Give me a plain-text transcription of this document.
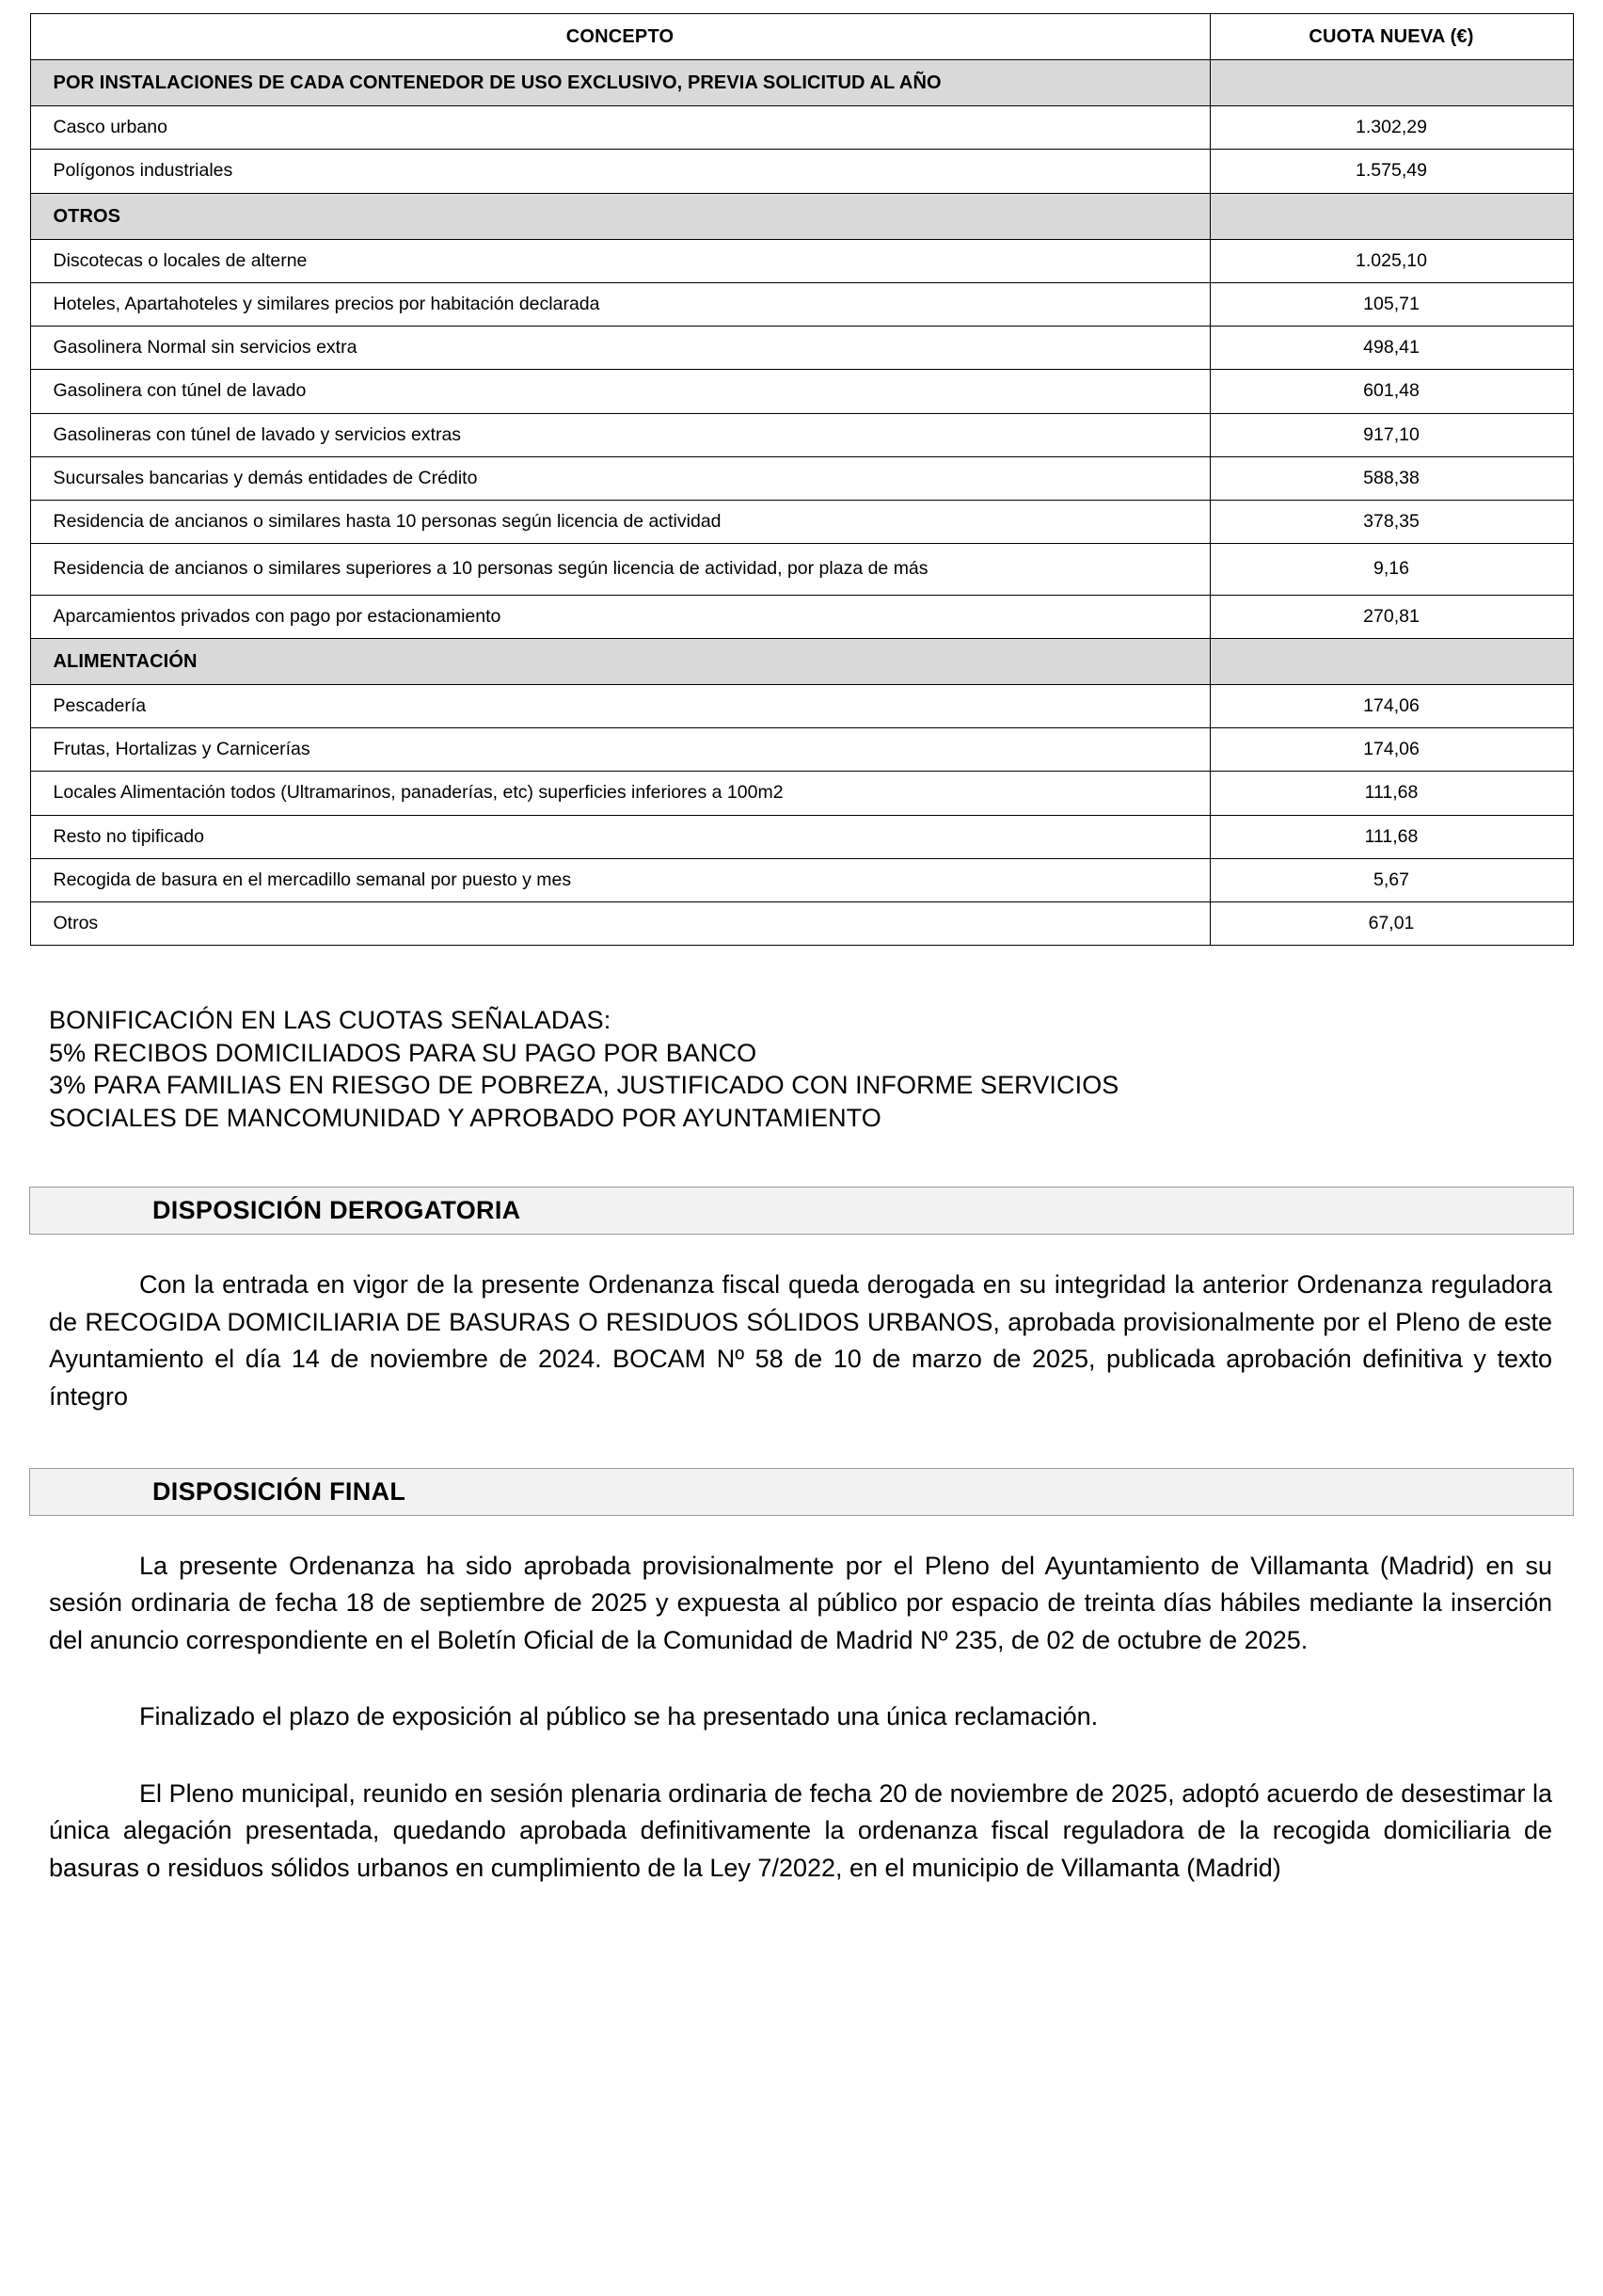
CONCEPTO	CUOTA NUEVA (€)
POR INSTALACIONES DE CADA CONTENEDOR DE USO EXCLUSIVO, PREVIA SOLICITUD AL AÑO	
Casco urbano	1.302,29
Polígonos industriales	1.575,49
OTROS	
Discotecas o locales de alterne	1.025,10
Hoteles, Apartahoteles y similares precios por habitación declarada	105,71
Gasolinera Normal sin servicios extra	498,41
Gasolinera con túnel de lavado	601,48
Gasolineras con túnel de lavado y servicios extras	917,10
Sucursales bancarias y demás entidades de Crédito	588,38
Residencia de ancianos o similares hasta 10 personas según licencia de actividad	378,35
Residencia de ancianos o similares superiores a 10 personas según licencia de actividad, por plaza de más	9,16
Aparcamientos privados con pago por estacionamiento	270,81
ALIMENTACIÓN	
Pescadería	174,06
Frutas, Hortalizas y Carnicerías	174,06
Locales Alimentación todos (Ultramarinos, panaderías, etc) superficies inferiores a 100m2	111,68
Resto no tipificado	111,68
Recogida de basura en el mercadillo semanal por puesto y mes	5,67
Otros	67,01
BONIFICACIÓN EN LAS CUOTAS SEÑALADAS:
5% RECIBOS DOMICILIADOS PARA SU PAGO POR BANCO
3% PARA FAMILIAS EN RIESGO DE POBREZA, JUSTIFICADO CON INFORME SERVICIOS
SOCIALES DE MANCOMUNIDAD Y APROBADO POR AYUNTAMIENTO
DISPOSICIÓN DEROGATORIA
Con la entrada en vigor de la presente Ordenanza fiscal queda derogada en su integridad la anterior Ordenanza reguladora de RECOGIDA DOMICILIARIA DE BASURAS O RESIDUOS SÓLIDOS URBANOS, aprobada provisionalmente por el Pleno de este Ayuntamiento el día 14 de noviembre de 2024. BOCAM Nº 58 de 10 de marzo de 2025, publicada aprobación definitiva y texto íntegro
DISPOSICIÓN FINAL
La presente Ordenanza ha sido aprobada provisionalmente por el Pleno del Ayuntamiento de Villamanta (Madrid) en su sesión ordinaria de fecha 18 de septiembre de 2025 y expuesta al público por espacio de treinta días hábiles mediante la inserción del anuncio correspondiente en el Boletín Oficial de la Comunidad de Madrid Nº 235, de 02 de octubre de 2025.
Finalizado el plazo de exposición al público se ha presentado una única reclamación.
El Pleno municipal, reunido en sesión plenaria ordinaria de fecha 20 de noviembre de 2025, adoptó acuerdo de desestimar la única alegación presentada, quedando aprobada definitivamente la ordenanza fiscal reguladora de la recogida domiciliaria de basuras o residuos sólidos urbanos en cumplimiento de la Ley 7/2022, en el municipio de Villamanta (Madrid)
